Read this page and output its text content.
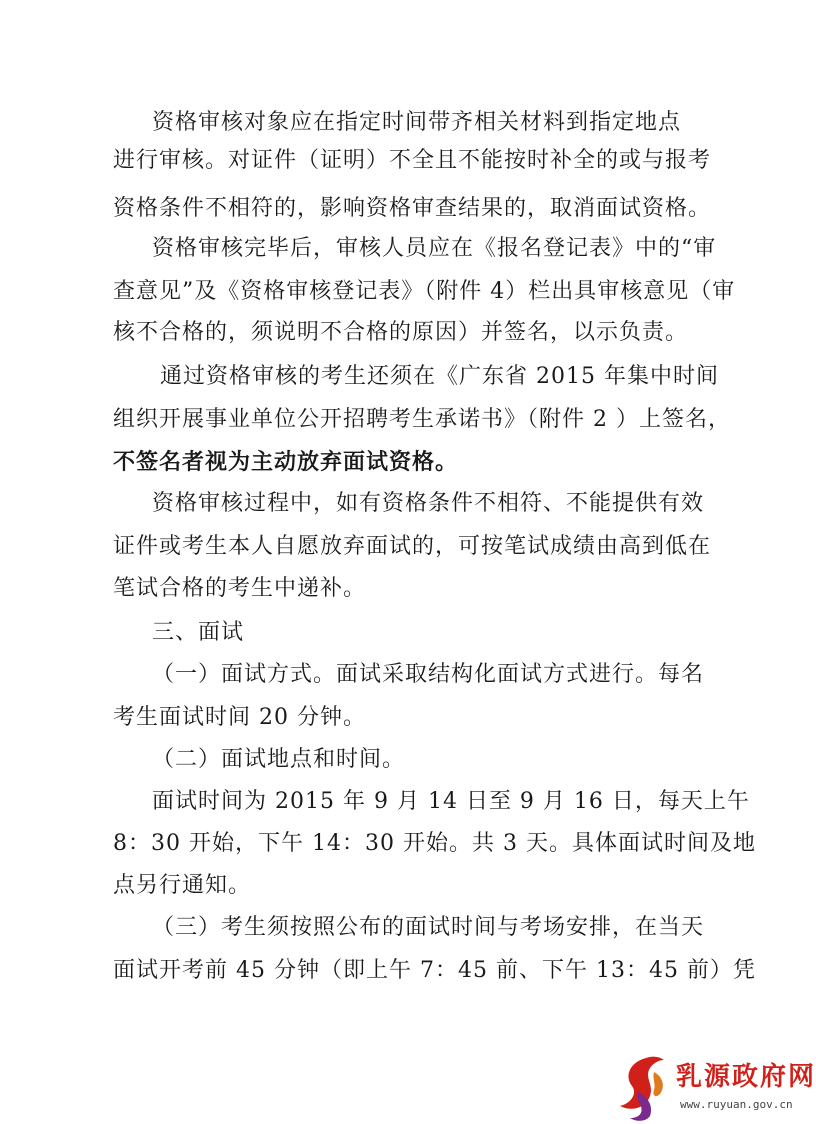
资格审核对象应在指定时间带齐相关材料到指定地点
进行审核。对证件（证明）不全且不能按时补全的或与报考
资格条件不相符的，影响资格审查结果的，取消面试资格。
资格审核完毕后，审核人员应在《报名登记表》中的“审
查意见”及《资格审核登记表》（附件 4）栏出具审核意见（审
核不合格的，须说明不合格的原因）并签名，以示负责。
通过资格审核的考生还须在《广东省 2015 年集中时间
组织开展事业单位公开招聘考生承诺书》（附件 2 ）上签名，
不签名者视为主动放弃面试资格。
资格审核过程中，如有资格条件不相符、不能提供有效
证件或考生本人自愿放弃面试的，可按笔试成绩由高到低在
笔试合格的考生中递补。
三、面试
（一）面试方式。面试采取结构化面试方式进行。每名
考生面试时间 20 分钟。
（二）面试地点和时间。
面试时间为 2015 年 9 月 14 日至 9 月 16 日，每天上午
8：30 开始，下午 14：30 开始。共 3 天。具体面试时间及地
点另行通知。
（三）考生须按照公布的面试时间与考场安排，在当天
面试开考前 45 分钟（即上午 7：45 前、下午 13：45 前）凭
乳源政府网
www.ruyuan.gov.cn
